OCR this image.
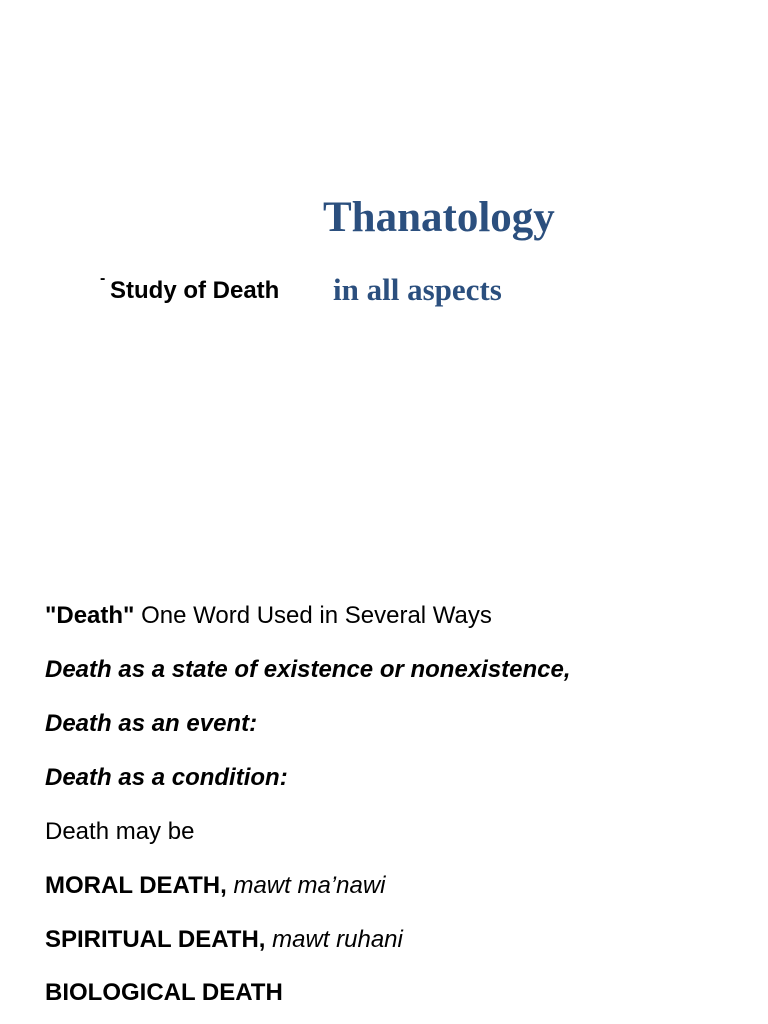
Thanatology
- Study of Death in all aspects
"Death" One Word Used in Several Ways
Death as a state of existence or nonexistence,
Death as an event:
Death as a condition:
Death may be
MORAL DEATH, mawt ma’nawi
SPIRITUAL DEATH, mawt ruhani
BIOLOGICAL DEATH
